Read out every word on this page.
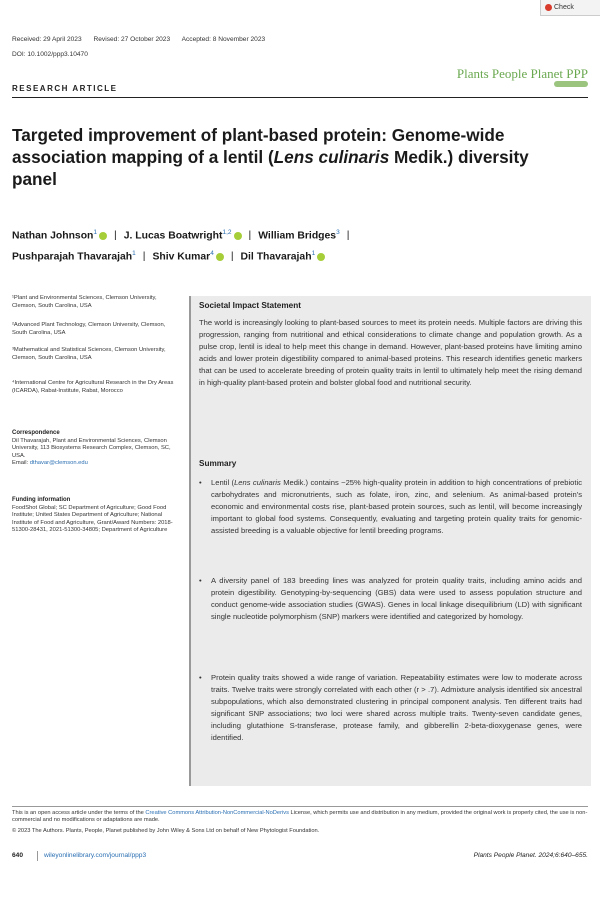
Check
Received: 29 April 2023 Revised: 27 October 2023 Accepted: 8 November 2023
DOI: 10.1002/ppp3.10470
Plants People Planet PPP
RESEARCH ARTICLE
Targeted improvement of plant-based protein: Genome-wide association mapping of a lentil (Lens culinaris Medik.) diversity panel
Nathan Johnson$^1$ | J. Lucas Boatwright$^{1,2}$ | William Bridges$^3$ |
Pushparajah Thavarajah$^1$ | Shiv Kumar$^4$ | Dil Thavarajah$^1$
¹Plant and Environmental Sciences, Clemson University, Clemson, South Carolina, USA
²Advanced Plant Technology, Clemson University, Clemson, South Carolina, USA
³Mathematical and Statistical Sciences, Clemson University, Clemson, South Carolina, USA
⁴International Centre for Agricultural Research in the Dry Areas (ICARDA), Rabat-Institute, Rabat, Morocco
Correspondence
Dil Thavarajah, Plant and Environmental Sciences, Clemson University, 113 Biosystems Research Complex, Clemson, SC, USA.
Email: dthavar@clemson.edu
Funding information
FoodShot Global; SC Department of Agriculture; Good Food Institute; United States Department of Agriculture; National Institute of Food and Agriculture, Grant/Award Numbers: 2018-51300-28431, 2021-51300-34805; Department of Agriculture
Societal Impact Statement
The world is increasingly looking to plant-based sources to meet its protein needs. Multiple factors are driving this progression, ranging from nutritional and ethical considerations to climate change and population growth. As a pulse crop, lentil is ideal to help meet this change in demand. However, plant-based proteins have limiting amino acids and lower protein digestibility compared to animal-based proteins. This research identifies genetic markers that can be used to accelerate breeding of protein quality traits in lentil to ultimately help meet the rising demand in high-quality plant-based protein and bolster global food and nutritional security.
Summary
• Lentil (Lens culinaris Medik.) contains ~25% high-quality protein in addition to high concentrations of prebiotic carbohydrates and micronutrients, such as folate, iron, zinc, and selenium. As animal-based protein's economic and environmental costs rise, plant-based protein sources, such as lentil, will become increasingly important to global food systems. Consequently, evaluating and targeting protein quality traits for genomic-assisted breeding is a valuable objective for lentil breeding programs.
• A diversity panel of 183 breeding lines was analyzed for protein quality traits, including amino acids and protein digestibility. Genotyping-by-sequencing (GBS) data were used to assess population structure and conduct genome-wide association studies (GWAS). Genes in local linkage disequilibrium (LD) with significant single nucleotide polymorphism (SNP) markers were identified and categorized by homology.
• Protein quality traits showed a wide range of variation. Repeatability estimates were low to moderate across traits. Twelve traits were strongly correlated with each other (r > .7). Admixture analysis identified six ancestral subpopulations, which also demonstrated clustering in principal component analysis. Ten different traits had significant SNP associations; two loci were shared across multiple traits. Twenty-seven candidate genes, including glutathione S-transferase, protease family, and gibberellin 2-beta-dioxygenase genes, were identified.
This is an open access article under the terms of the Creative Commons Attribution-NonCommercial-NoDerivs License, which permits use and distribution in any medium, provided the original work is properly cited, the use is non-commercial and no modifications or adaptations are made.
© 2023 The Authors. Plants, People, Planet published by John Wiley & Sons Ltd on behalf of New Phytologist Foundation.
640	wileyonlinelibrary.com/journal/ppp3	Plants People Planet. 2024;6:640–655.
